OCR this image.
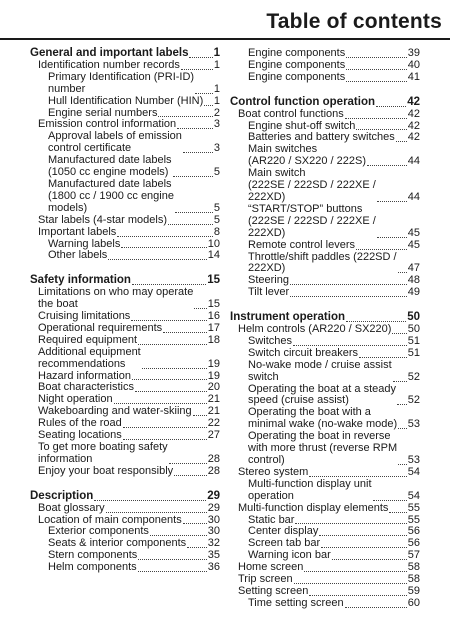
Table of contents
General and important labels 1
Identification number records	1
Primary Identification (PRI-ID)
number	1
Hull Identification Number (HIN) 1
Engine serial numbers	2
Emission control information	3
Approval labels of emission
control certificate	3
Manufactured date labels
(1050 cc engine models)	5
Manufactured date labels
(1800 cc / 1900 cc engine
models)	5
Star labels (4-star models)	5
Important labels	8
Warning labels	10
Other labels	14
Safety information	15
Limitations on who may operate
the boat	15
Cruising limitations	16
Operational requirements	17
Required equipment	18
Additional equipment
recommendations	19
Hazard information	19
Boat characteristics	20
Night operation	21
Wakeboarding and water-skiing 21
Rules of the road	22
Seating locations	27
To get more boating safety
information	28
Enjoy your boat responsibly	28
Description	29
Boat glossary	29
Location of main components 30
Exterior components	30
Seats & interior components 32
Stern components	35
Helm components	36
Engine components	39
Engine components	40
Engine components	41
Control function operation	42
Boat control functions	42
Engine shut-off switch	42
Batteries and battery switches 42
Main switches
(AR220 / SX220 / 222S)	44
Main switch
(222SE / 222SD / 222XE /
222XD)	44
“START/STOP” buttons
(222SE / 222SD / 222XE /
222XD)	45
Remote control levers	45
Throttle/shift paddles (222SD /
222XD)	47
Steering	48
Tilt lever	49
Instrument operation	50
Helm controls (AR220 / SX220) 50
Switches	51
Switch circuit breakers	51
No-wake mode / cruise assist
switch	52
Operating the boat at a steady
speed (cruise assist)	52
Operating the boat with a
minimal wake (no-wake mode) 53
Operating the boat in reverse
with more thrust (reverse RPM
control)	53
Stereo system	54
Multi-function display unit
operation	54
Multi-function display elements 55
Static bar	55
Center display	56
Screen tab bar	56
Warning icon bar	57
Home screen	58
Trip screen	58
Setting screen	59
Time setting screen	60
